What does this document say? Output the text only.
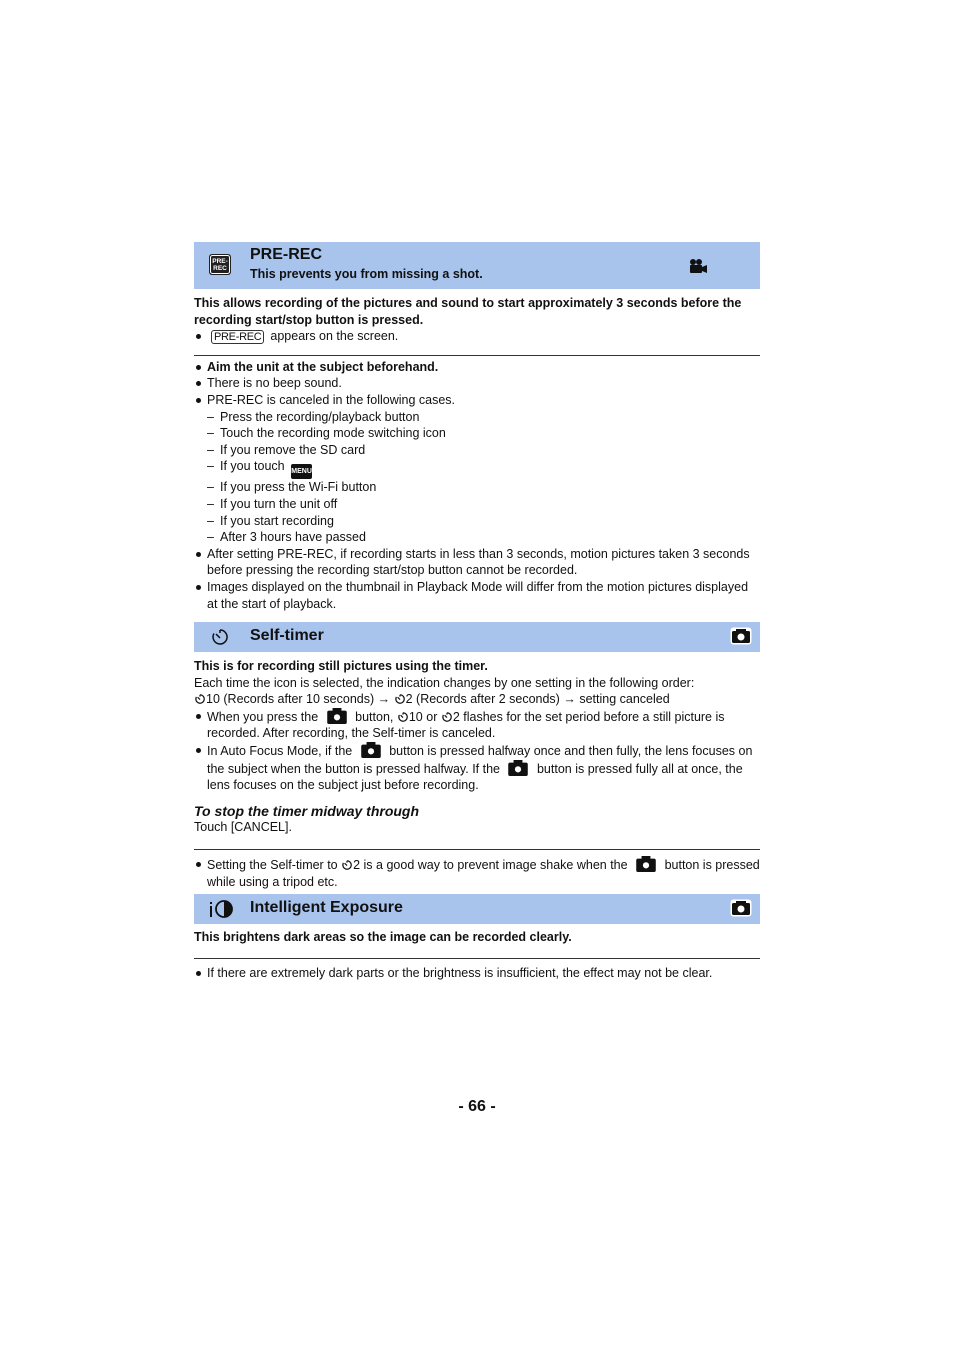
PRE-
REC
PRE-REC
This prevents you from missing a shot.

This allows recording of the pictures and sound to start approximately 3 seconds before the recording start/stop button is pressed.

PRE-REC appears on the screen.

Aim the unit at the subject beforehand.

There is no beep sound.

PRE-REC is canceled in the following cases.

– Press the recording/playback button

– Touch the recording mode switching icon

– If you remove the SD card

– If you touch MENU

– If you press the Wi-Fi button

– If you turn the unit off

– If you start recording

– After 3 hours have passed

After setting PRE-REC, if recording starts in less than 3 seconds, motion pictures taken 3 seconds before pressing the recording start/stop button cannot be recorded.

Images displayed on the thumbnail in Playback Mode will differ from the motion pictures displayed at the start of playback.

Self-timer

This is for recording still pictures using the timer.

Each time the icon is selected, the indication changes by one setting in the following order:

10 (Records after 10 seconds) → 2 (Records after 2 seconds) → setting canceled

When you press the	button, 10 or 2 flashes for the set period before a still picture is recorded. After recording, the Self-timer is canceled.

In Auto Focus Mode, if the	button is pressed halfway once and then fully, the lens focuses on the subject when the button is pressed halfway. If the	button is pressed fully all at once, the lens focuses on the subject just before recording.

To stop the timer midway through

Touch [CANCEL].

Setting the Self-timer to 2 is a good way to prevent image shake when the	button is pressed while using a tripod etc.

Intelligent Exposure

This brightens dark areas so the image can be recorded clearly.

If there are extremely dark parts or the brightness is insufficient, the effect may not be clear.

- 66 -
